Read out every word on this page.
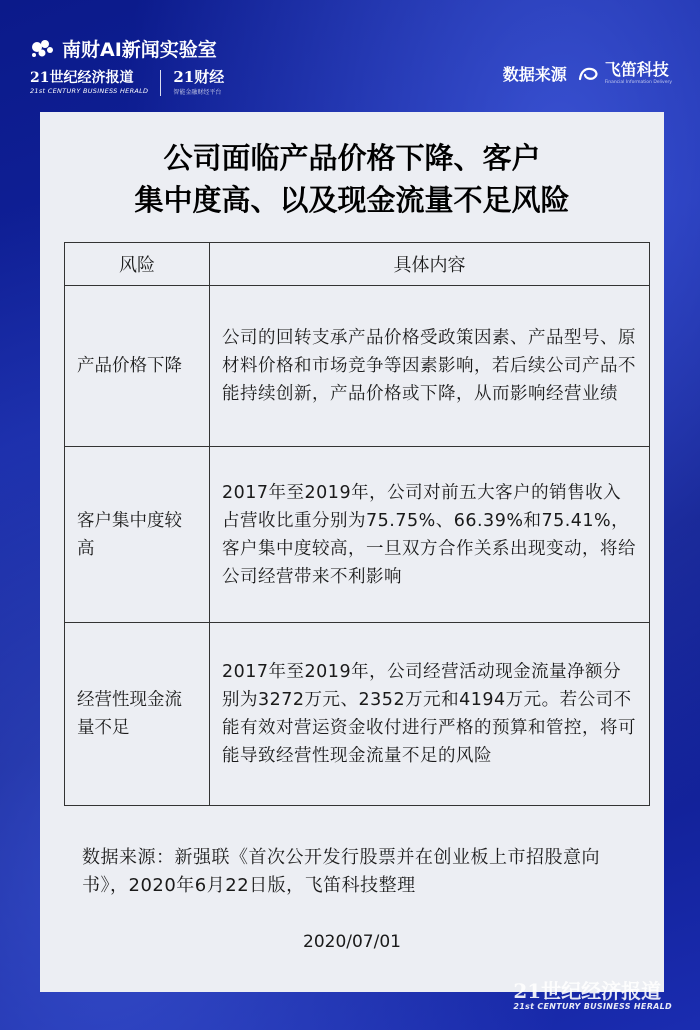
南财AI新闻实验室
21世纪经济报道
21st CENTURY BUSINESS HERALD
21财经
智能金融财经平台
数据来源 飞笛科技
Financial Information Delivery
公司面临产品价格下降、客户
集中度高、以及现金流量不足风险
风险	具体内容
产品价格下降	公司的回转支承产品价格受政策因素、产品型号、原材料价格和市场竞争等因素影响，若后续公司产品不能持续创新，产品价格或下降，从而影响经营业绩
客户集中度较高	2017年至2019年，公司对前五大客户的销售收入占营收比重分别为75.75%、66.39%和75.41%，客户集中度较高，一旦双方合作关系出现变动，将给公司经营带来不利影响
经营性现金流量不足	2017年至2019年，公司经营活动现金流量净额分别为3272万元、2352万元和4194万元。若公司不能有效对营运资金收付进行严格的预算和管控，将可能导致经营性现金流量不足的风险
数据来源：新强联《首次公开发行股票并在创业板上市招股意向书》，2020年6月22日版，飞笛科技整理
2020/07/01
21世纪经济报道
21st CENTURY BUSINESS HERALD
